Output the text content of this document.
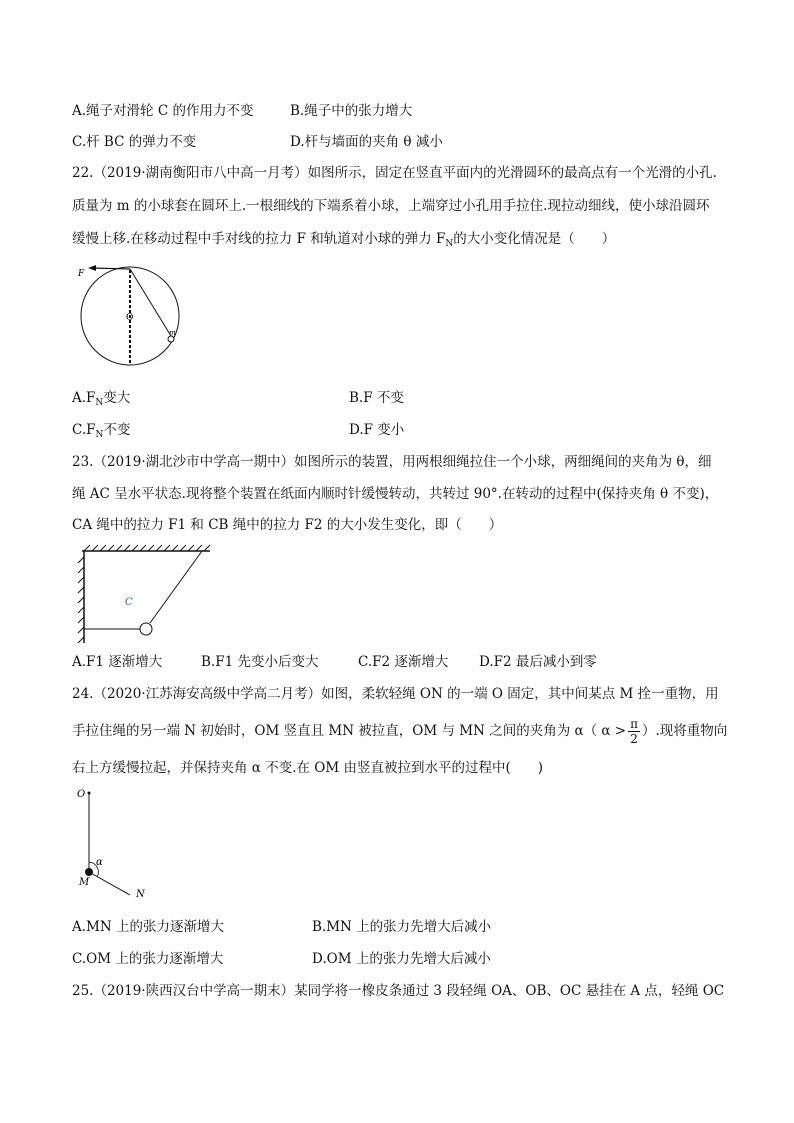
A.绳子对滑轮 C 的作用力不变	B.绳子中的张力增大
C.杆 BC 的弹力不变	D.杆与墙面的夹角 θ 减小
22.（2019·湖南衡阳市八中高一月考）如图所示，固定在竖直平面内的光滑圆环的最高点有一个光滑的小孔.
质量为 m 的小球套在圆环上.一根细线的下端系着小球，上端穿过小孔用手拉住.现拉动细线，使小球沿圆环
缓慢上移.在移动过程中手对线的拉力 F 和轨道对小球的弹力 $F_N$的大小变化情况是（　　）
F
O
m
$A.F_N$变大	B.F 不变
$C.F_N$不变	D.F 变小
23.（2019·湖北沙市中学高一期中）如图所示的装置，用两根细绳拉住一个小球，两细绳间的夹角为 θ，细
绳 AC 呈水平状态.现将整个装置在纸面内顺时针缓慢转动，共转过 90°.在转动的过程中(保持夹角 θ 不变)，
CA 绳中的拉力 F1 和 CB 绳中的拉力 F2 的大小发生变化，即（　　）
C
A.F1 逐渐增大	B.F1 先变小后变大	C.F2 逐渐增大 D.F2 最后减小到零
24.（2020·江苏海安高级中学高二月考）如图，柔软轻绳 ON 的一端 O 固定，其中间某点 M 拴一重物，用
手拉住绳的另一端 N 初始时，OM 竖直且 MN 被拉直，OM 与 MN 之间的夹角为 α（ $\alpha > \frac{\pi}{2}$ ）.现将重物向
右上方缓慢拉起，并保持夹角 α 不变.在 OM 由竖直被拉到水平的过程中(　　)
O
α
M
N
A.MN 上的张力逐渐增大	B.MN 上的张力先增大后减小
C.OM 上的张力逐渐增大	D.OM 上的张力先增大后减小
25.（2019·陕西汉台中学高一期末）某同学将一橡皮条通过 3 段轻绳 OA、OB、OC 悬挂在 A 点，轻绳 OC
